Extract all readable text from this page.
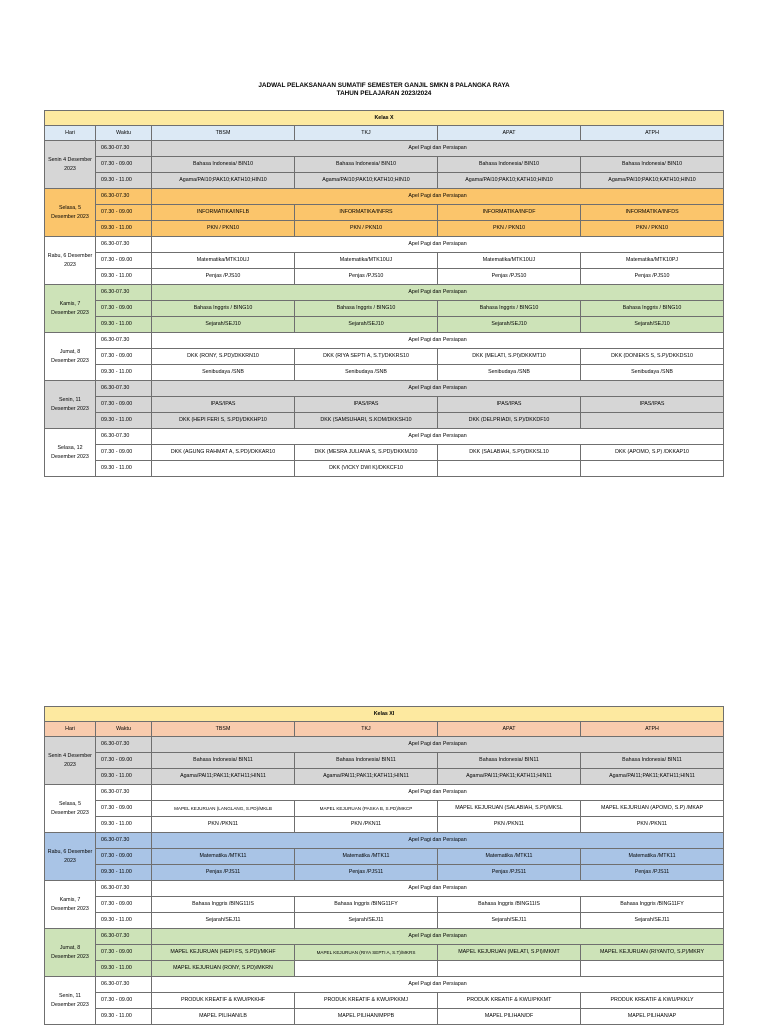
JADWAL PELAKSANAAN SUMATIF SEMESTER GANJIL SMKN 8 PALANGKA RAYA
TAHUN PELAJARAN 2023/2024
Kelas X					
Hari	Waktu	TBSM	TKJ	APAT	ATPH
Senin 4 Desember 2023	06.30-07.30	Apel Pagi dan Persiapan			
	07.30 - 09.00	Bahasa Indonesia/ BIN10	Bahasa Indonesia/ BIN10	Bahasa Indonesia/ BIN10	Bahasa Indonesia/ BIN10
	09.30 - 11.00	Agama/PAI10;PAK10;KATH10;HIN10	Agama/PAI10;PAK10;KATH10;HIN10	Agama/PAI10;PAK10;KATH10;HIN10	Agama/PAI10;PAK10;KATH10;HIN10
Selasa, 5 Desember 2023	06.30-07.30	Apel Pagi dan Persiapan			
	07.30 - 09.00	INFORMATIKA/INFLB	INFORMATIKA/INFRS	INFORMATIKA/INFDF	INFORMATIKA/INFDS
	09.30 - 11.00	PKN / PKN10	PKN / PKN10	PKN / PKN10	PKN / PKN10
Rabu, 6 Desember 2023	06.30-07.30	Apel Pagi dan Persiapan			
	07.30 - 09.00	Matematika/MTK10UJ	Matematika/MTK10UJ	Matematika/MTK10UJ	Matematika/MTK10PJ
	09.30 - 11.00	Penjas /PJS10	Penjas /PJS10	Penjas /PJS10	Penjas /PJS10
Kamis, 7 Desember 2023	06.30-07.30	Apel Pagi dan Persiapan			
	07.30 - 09.00	Bahasa Inggris / BING10	Bahasa Inggris / BING10	Bahasa Inggris / BING10	Bahasa Inggris / BING10
	09.30 - 11.00	Sejarah/SEJ10	Sejarah/SEJ10	Sejarah/SEJ10	Sejarah/SEJ10
Jumat, 8 Desember 2023	06.30-07.30	Apel Pagi dan Persiapan			
	07.30 - 09.00	DKK (RONY, S.PD)/DKKRN10	DKK (RIYA SEPTI A, S.T)/DKKRS10	DKK (MELATI, S.PI)/DKKMT10	DKK (DONIEKS S, S.P)/DKKDS10
	09.30 - 11.00	Senibudaya /SNB	Senibudaya /SNB	Senibudaya /SNB	Senibudaya /SNB
Senin, 11 Desember 2023	06.30-07.30	Apel Pagi dan Persiapan			
	07.30 - 09.00	IPAS/IPAS	IPAS/IPAS	IPAS/IPAS	IPAS/IPAS
	09.30 - 11.00	DKK (HEPI FERI S, S.PD)/DKKHP10	DKK (SAMSUHARI, S.KOM/DKKSH10	DKK (DELPRIADI, S.P)/DKKDF10	
Selasa, 12 Desember 2023	06.30-07.30	Apel Pagi dan Persiapan			
	07.30 - 09.00	DKK (AGUNG RAHMAT A, S.PD)/DKKAR10	DKK (MESRA JULIANA S, S.PD)/DKKMJ10	DKK (SALABIAH, S.PI)/DKKSL10	DKK (APOMO, S.P) /DKKAP10
	09.30 - 11.00		DKK (VICKY DWI K)/DKKCF10		
Kelas XI					
Hari	Waktu	TBSM	TKJ	APAT	ATPH
Senin 4 Desember 2023	06.30-07.30	Apel Pagi dan Persiapan			
	07.30 - 09.00	Bahasa Indonesia/ BIN11	Bahasa Indonesia/ BIN11	Bahasa Indonesia/ BIN11	Bahasa Indonesia/ BIN11
	09.30 - 11.00	Agama/PAI11;PAK11;KATH11;HIN11	Agama/PAI11;PAK11;KATH11;HIN11	Agama/PAI11;PAK11;KATH11;HIN11	Agama/PAI11;PAK11;KATH11;HIN11
Selasa, 5 Desember 2023	06.30-07.30	Apel Pagi dan Persiapan			
	07.30 - 09.00	MAPEL KEJURUAN (LANGLANG, S.PD)/MKLB	MAPEL KEJURUAN (PASKA B, S.PD)/MKCP	MAPEL KEJURUAN (SALABIAH, S.PI)/MKSL	MAPEL KEJURUAN (APOMO, S.P) /MKAP
	09.30 - 11.00	PKN /PKN11	PKN /PKN11	PKN /PKN11	PKN /PKN11
Rabu, 6 Desember 2023	06.30-07.30	Apel Pagi dan Persiapan			
	07.30 - 09.00	Matematika /MTK11	Matematika /MTK11	Matematika /MTK11	Matematika /MTK11
	09.30 - 11.00	Penjas /PJS11	Penjas /PJS11	Penjas /PJS11	Penjas /PJS11
Kamis, 7 Desember 2023	06.30-07.30	Apel Pagi dan Persiapan			
	07.30 - 09.00	Bahasa Inggris /BING11IS	Bahasa Inggris /BING11FY	Bahasa Inggris /BING11IS	Bahasa Inggris /BING11FY
	09.30 - 11.00	Sejarah/SEJ11	Sejarah/SEJ11	Sejarah/SEJ11	Sejarah/SEJ11
Jumat, 8 Desember 2023	06.30-07.30	Apel Pagi dan Persiapan			
	07.30 - 09.00	MAPEL KEJURUAN (HEPI FS, S.PD)/MKHF	MAPEL KEJURUAN (RIYA SEPTI A, S.T)/MKRS	MAPEL KEJURUAN (MELATI, S.PI)/MKMT	MAPEL KEJURUAN (RIYANTO, S.P)/MKRY
	09.30 - 11.00	MAPEL KEJURUAN (RONY, S.PD)/MKRN			
Senin, 11 Desember 2023	06.30-07.30	Apel Pagi dan Persiapan			
	07.30 - 09.00	PRODUK KREATIF & KWU/PKKHF	PRODUK KREATIF & KWU/PKKMJ	PRODUK KREATIF & KWU/PKKMT	PRODUK KREATIF & KWU/PKKLY
	09.30 - 11.00	MAPEL PILIHAN/LB	MAPEL PILIHAN/MPPB	MAPEL PILIHAN/DF	MAPEL PILIHAN/AP
